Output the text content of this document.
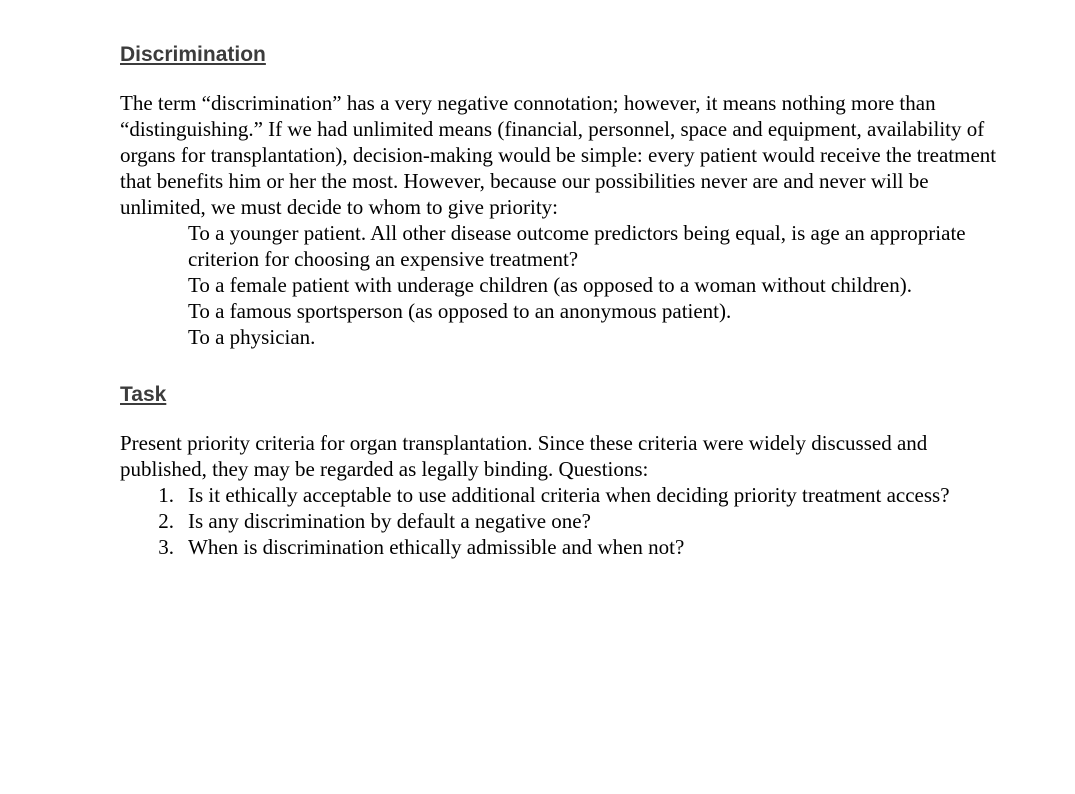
Discrimination

The term “discrimination” has a very negative connotation; however, it means nothing more than “distinguishing.” If we had unlimited means (financial, personnel, space and equipment, availability of organs for transplantation), decision-making would be simple: every patient would receive the treatment that benefits him or her the most. However, because our possibilities never are and never will be unlimited, we must decide to whom to give priority:

To a younger patient. All other disease outcome predictors being equal, is age an appropriate criterion for choosing an expensive treatment?
To a female patient with underage children (as opposed to a woman without children).
To a famous sportsperson (as opposed to an anonymous patient).
To a physician.
Task

Present priority criteria for organ transplantation. Since these criteria were widely discussed and published, they may be regarded as legally binding. Questions:

1. Is it ethically acceptable to use additional criteria when deciding priority treatment access?
2. Is any discrimination by default a negative one?
3. When is discrimination ethically admissible and when not?
